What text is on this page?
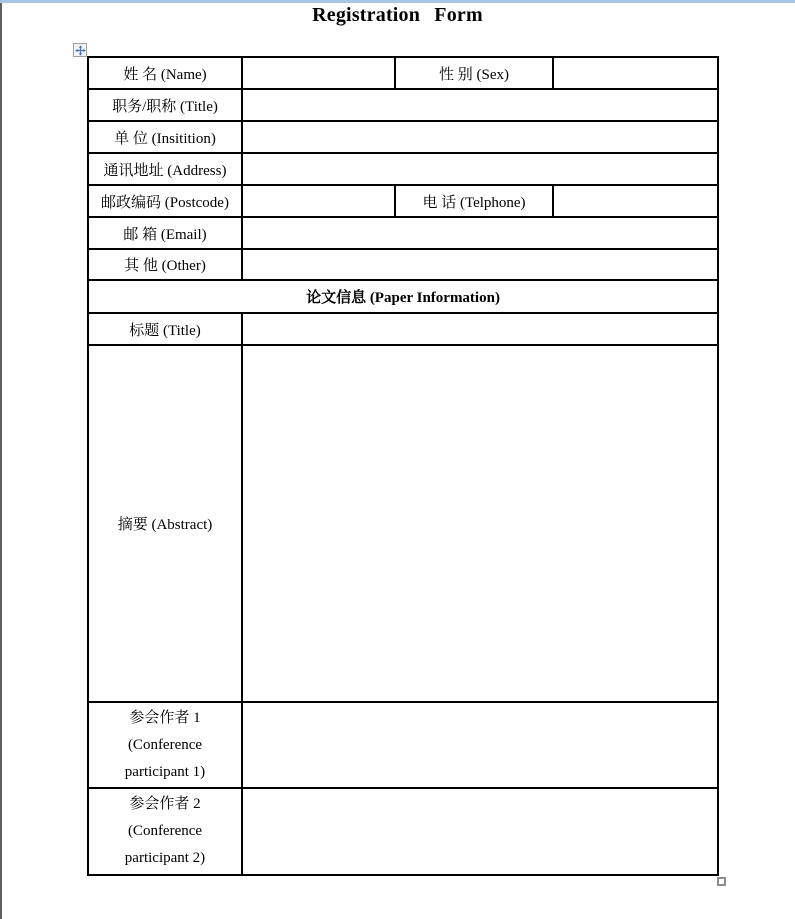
Registration Form
姓 名 (Name)		性 别 (Sex)	
职务/职称 (Title)			
单 位 (Insitition)			
通讯地址 (Address)			
邮政编码 (Postcode)		电 话 (Telphone)	
邮 箱 (Email)			
其 他 (Other)			
论文信息 (Paper Information)			
标题 (Title)			
摘要 (Abstract)			

参会作者 1
(Conference
participant 1)			

参会作者 2
(Conference
participant 2)			
